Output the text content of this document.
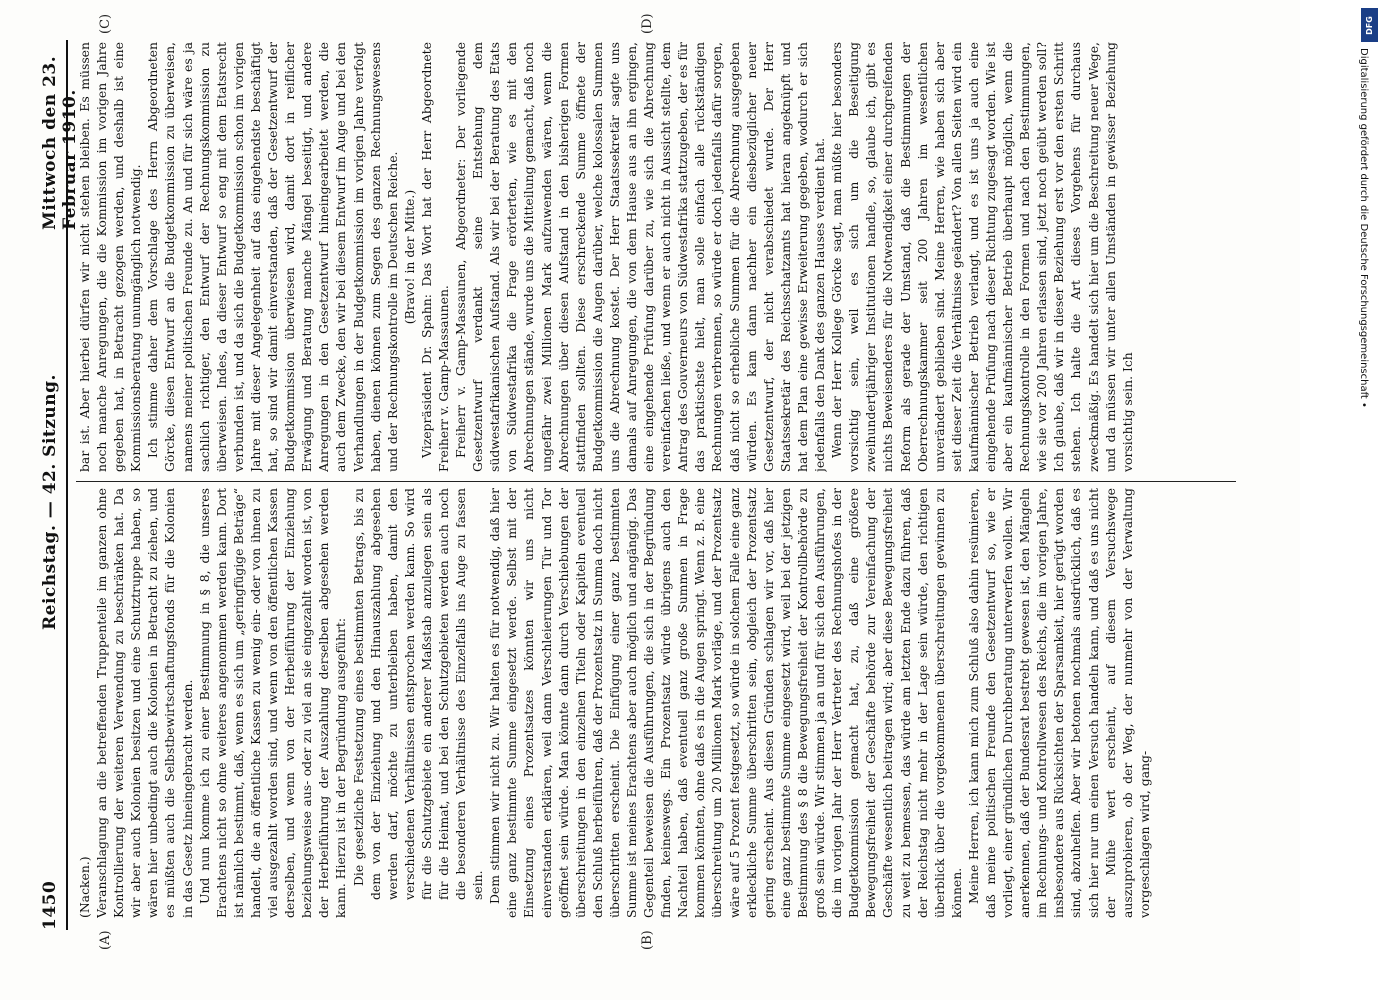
1450
Reichstag. — 42. Sitzung.
Mittwoch den 23. Februar 1910.

(Nacken.) Veranschlagung an die betreffenden Truppenteile im ganzen ohne Kontrollierung der weiteren Verwendung zu beschränken hat. Da wir aber auch Kolonien besitzen und eine Schutztruppe haben, so wären hier unbedingt auch die Kolonien in Betracht zu ziehen, und es müßten auch die Selbstbewirtschaftungsfonds für die Kolonien in das Gesetz hineingebracht werden. Und nun komme ich zu einer Bestimmung in § 8, die unseres Erachtens nicht so ohne weiteres angenommen werden kann. Dort ist nämlich bestimmt, daß, wenn es sich um „geringfügige Beträge“ handelt, die an öffentliche Kassen zu wenig ein- oder von ihnen zu viel ausgezahlt worden sind, und wenn von den öffentlichen Kassen derselben, und wenn von der Herbeiführung der Einziehung beziehungsweise aus- oder zu viel an sie eingezahlt worden ist, von der Herbeiführung der Auszahlung derselben abgesehen werden kann. Hierzu ist in der Begründung ausgeführt: Die gesetzliche Festsetzung eines bestimmten Betrags, bis zu dem von der Einziehung und den Hinauszahlung abgesehen werden darf, möchte zu unterbleiben haben, damit den verschiedenen Verhältnissen entsprochen werden kann. So wird für die Schutzgebiete ein anderer Maßstab anzulegen sein als für die Heimat, und bei den Schutzgebieten werden auch noch die besonderen Verhältnisse des Einzelfalls ins Auge zu fassen sein. Dem stimmen wir nicht zu. Wir halten es für notwendig, daß hier eine ganz bestimmte Summe eingesetzt werde. Selbst mit der Einsetzung eines Prozentsatzes könnten wir uns nicht einverstanden erklären, weil dann Verschleierungen Tür und Tor geöffnet sein würde. Man könnte dann durch Verschiebungen der überschreitungen in den einzelnen Titeln oder Kapiteln eventuell den Schluß herbeiführen, daß der Prozentsatz in Summa doch nicht überschritten erscheint. Die Einfügung einer ganz bestimmten Summe ist meines Erachtens aber auch möglich und angängig. Das Gegenteil beweisen die Ausführungen, die sich in der Begründung finden, keineswegs. Ein Prozentsatz würde übrigens auch den Nachteil haben, daß eventuell ganz große Summen in Frage kommen könnten, ohne daß es in die Augen springt. Wenn z. B. eine überschreitung um 20 Millionen Mark vorläge, und der Prozentsatz wäre auf 5 Prozent festgesetzt, so würde in solchem Falle eine ganz erkleckliche Summe überschritten sein, obgleich der Prozentsatz gering erscheint. Aus diesen Gründen schlagen wir vor, daß hier eine ganz bestimmte Summe eingesetzt wird, weil bei der jetzigen Bestimmung des § 8 die Bewegungsfreiheit der Kontrollbehörde zu groß sein würde. Wir stimmen ja an und für sich den Ausführungen, die im vorigen Jahr der Herr Vertreter des Rechnungshofes in der Budgetkommission gemacht hat, zu, daß eine größere Bewegungsfreiheit der Geschäfte behörde zur Vereinfachung der Geschäfte wesentlich beitragen wird; aber diese Bewegungsfreiheit zu weit zu bemessen, das würde am letzten Ende dazu führen, daß der Reichstag nicht mehr in der Lage sein würde, den richtigen überblick über die vorgekommenen überschreitungen gewinnen zu können. Meine Herren, ich kann mich zum Schluß also dahin resümieren, daß meine politischen Freunde den Gesetzentwurf so, wie er vorliegt, einer gründlichen Durchberatung unterwerfen wollen. Wir anerkennen, daß der Bundesrat bestrebt gewesen ist, den Mängeln im Rechnungs- und Kontrollwesen des Reichs, die im vorigen Jahre, insbesondere aus Rücksichten der Sparsamkeit, hier gerügt worden sind, abzuhelfen. Aber wir betonen nochmals ausdrücklich, daß es sich hier nur um einen Versuch handeln kann, und daß es uns nicht der Mühe wert erscheint, auf diesem Versuchswege auszuprobieren, ob der Weg, der nunmehr von der Verwaltung vorgeschlagen wird, gang-

bar ist. Aber hierbei dürfen wir nicht stehen bleiben. Es müssen noch manche Anregungen, die die Kommission im vorigen Jahre gegeben hat, in Betracht gezogen werden, und deshalb ist eine Kommissionsberatung unumgänglich notwendig. Ich stimme daher dem Vorschlage des Herrn Abgeordneten Görcke, diesen Entwurf an die Budgetkommission zu überweisen, namens meiner politischen Freunde zu. An und für sich wäre es ja sachlich richtiger, den Entwurf der Rechnungskommission zu überweisen. Indes, da dieser Entwurf so eng mit dem Etatsrecht verbunden ist, und da sich die Budgetkommission schon im vorigen Jahre mit dieser Angelegenheit auf das eingehendste beschäftigt hat, so sind wir damit einverstanden, daß der Gesetzentwurf der Budgetkommission überwiesen wird, damit dort in reiflicher Erwägung und Beratung manche Mängel beseitigt, und andere Anregungen in den Gesetzentwurf hineingearbeitet werden, die auch dem Zwecke, den wir bei diesem Entwurf im Auge und bei den Verhandlungen in der Budgetkommission im vorigen Jahre verfolgt haben, dienen können zum Segen des ganzen Rechnungswesens und der Rechnungskontrolle im Deutschen Reiche. (Bravo! in der Mitte.) Vizepräsident Dr. Spahn: Das Wort hat der Herr Abgeordnete Freiherr v. Gamp-Massaunen. Freiherr v. Gamp-Massaunen, Abgeordneter: Der vorliegende Gesetzentwurf verdankt seine Entstehung dem südwestafrikanischen Aufstand. Als wir bei der Beratung des Etats von Südwestafrika die Frage erörterten, wie es mit den Abrechnungen stände, wurde uns die Mitteilung gemacht, daß noch ungefähr zwei Millionen Mark aufzuwenden wären, wenn die Abrechnungen über diesen Aufstand in den bisherigen Formen stattfinden sollten. Diese erschreckende Summe öffnete der Budgetkommission die Augen darüber, welche kolossalen Summen uns die Abrechnung kostet. Der Herr Staatssekretär sagte uns damals auf Anregungen, die von dem Hause aus an ihn ergingen, eine eingehende Prüfung darüber zu, wie sich die Abrechnung vereinfachen ließe, und wenn er auch nicht in Aussicht stellte, dem Antrag des Gouverneurs von Südwestafrika stattzugeben, der es für das praktischste hielt, man solle einfach alle rückständigen Rechnungen verbrennen, so würde er doch jedenfalls dafür sorgen, daß nicht so erhebliche Summen für die Abrechnung ausgegeben würden. Es kam dann nachher ein diesbezüglicher neuer Gesetzentwurf, der nicht verabschiedet wurde. Der Herr Staatssekretär des Reichsschatzamts hat hieran angeknüpft und hat dem Plan eine gewisse Erweiterung gegeben, wodurch er sich jedenfalls den Dank des ganzen Hauses verdient hat. Wenn der Herr Kollege Görcke sagt, man müßte hier besonders vorsichtig sein, weil es sich um die Beseitigung zweihundertjähriger Institutionen handle, so, glaube ich, gibt es nichts Beweisenderes für die Notwendigkeit einer durchgreifenden Reform als gerade der Umstand, daß die Bestimmungen der Oberrechnungskammer seit 200 Jahren im wesentlichen unverändert geblieben sind. Meine Herren, wie haben sich aber seit dieser Zeit die Verhältnisse geändert? Von allen Seiten wird ein kaufmännischer Betrieb verlangt, und es ist uns ja auch eine eingehende Prüfung nach dieser Richtung zugesagt worden. Wie ist aber ein kaufmännischer Betrieb überhaupt möglich, wenn die Rechnungskontrolle in den Formen und nach den Bestimmungen, wie sie vor 200 Jahren erlassen sind, jetzt noch geübt werden soll? Ich glaube, daß wir in dieser Beziehung erst vor den ersten Schritt stehen. Ich halte die Art dieses Vorgehens für durchaus zweckmäßig. Es handelt sich hier um die Beschreitung neuer Wege, und da müssen wir unter allen Umständen in gewisser Beziehung vorsichtig sein. Ich

(A)	(B)
(C)	(D)	DFG
Digitalisierung gefördert durch die Deutsche Forschungsgemeinschaft •
